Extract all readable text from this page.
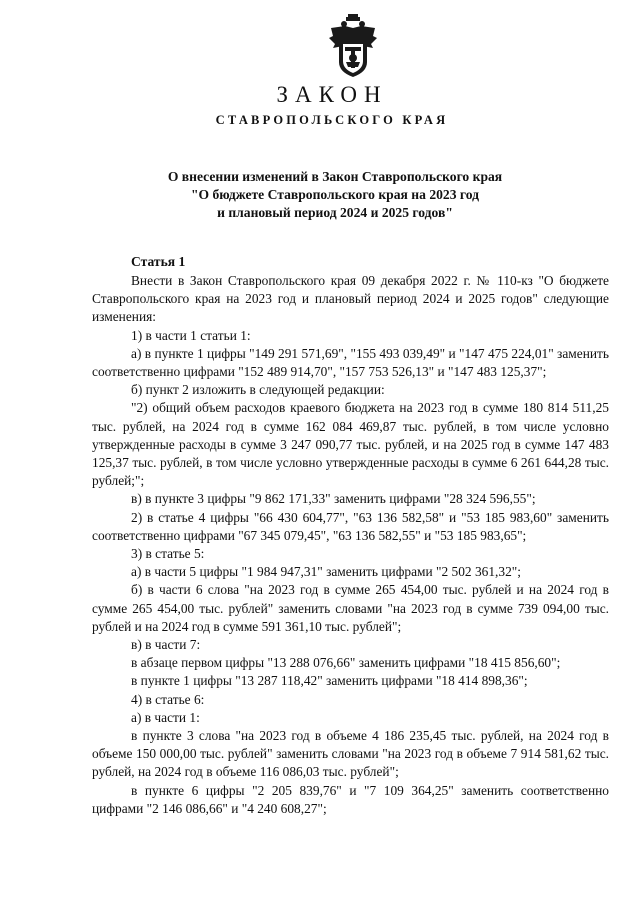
ЗАКОН
СТАВРОПОЛЬСКОГО КРАЯ
О внесении изменений в Закон Ставропольского края
"О бюджете Ставропольского края на 2023 год
и плановый период 2024 и 2025 годов"
Статья 1

Внести в Закон Ставропольского края 09 декабря 2022 г. № 110-кз "О бюджете Ставропольского края на 2023 год и плановый период 2024 и 2025 годов" следующие изменения:

1) в части 1 статьи 1:

а) в пункте 1 цифры "149 291 571,69", "155 493 039,49" и "147 475 224,01" заменить соответственно цифрами "152 489 914,70", "157 753 526,13" и "147 483 125,37";

б) пункт 2 изложить в следующей редакции:

"2) общий объем расходов краевого бюджета на 2023 год в сумме 180 814 511,25 тыс. рублей, на 2024 год в сумме 162 084 469,87 тыс. рублей, в том числе условно утвержденные расходы в сумме 3 247 090,77 тыс. рублей, и на 2025 год в сумме 147 483 125,37 тыс. рублей, в том числе условно утвержденные расходы в сумме 6 261 644,28 тыс. рублей;";

в) в пункте 3 цифры "9 862 171,33" заменить цифрами "28 324 596,55";

2) в статье 4 цифры "66 430 604,77", "63 136 582,58" и "53 185 983,60" заменить соответственно цифрами "67 345 079,45", "63 136 582,55" и "53 185 983,65";

3) в статье 5:

а) в части 5 цифры "1 984 947,31" заменить цифрами "2 502 361,32";

б) в части 6 слова "на 2023 год в сумме 265 454,00 тыс. рублей и на 2024 год в сумме 265 454,00 тыс. рублей" заменить словами "на 2023 год в сумме 739 094,00 тыс. рублей и на 2024 год в сумме 591 361,10 тыс. рублей";

в) в части 7:

в абзаце первом цифры "13 288 076,66" заменить цифрами "18 415 856,60";

в пункте 1 цифры "13 287 118,42" заменить цифрами "18 414 898,36";

4) в статье 6:

а) в части 1:

в пункте 3 слова "на 2023 год в объеме 4 186 235,45 тыс. рублей, на 2024 год в объеме 150 000,00 тыс. рублей" заменить словами "на 2023 год в объеме 7 914 581,62 тыс. рублей, на 2024 год в объеме 116 086,03 тыс. рублей";

в пункте 6 цифры "2 205 839,76" и "7 109 364,25" заменить соответственно цифрами "2 146 086,66" и "4 240 608,27";
